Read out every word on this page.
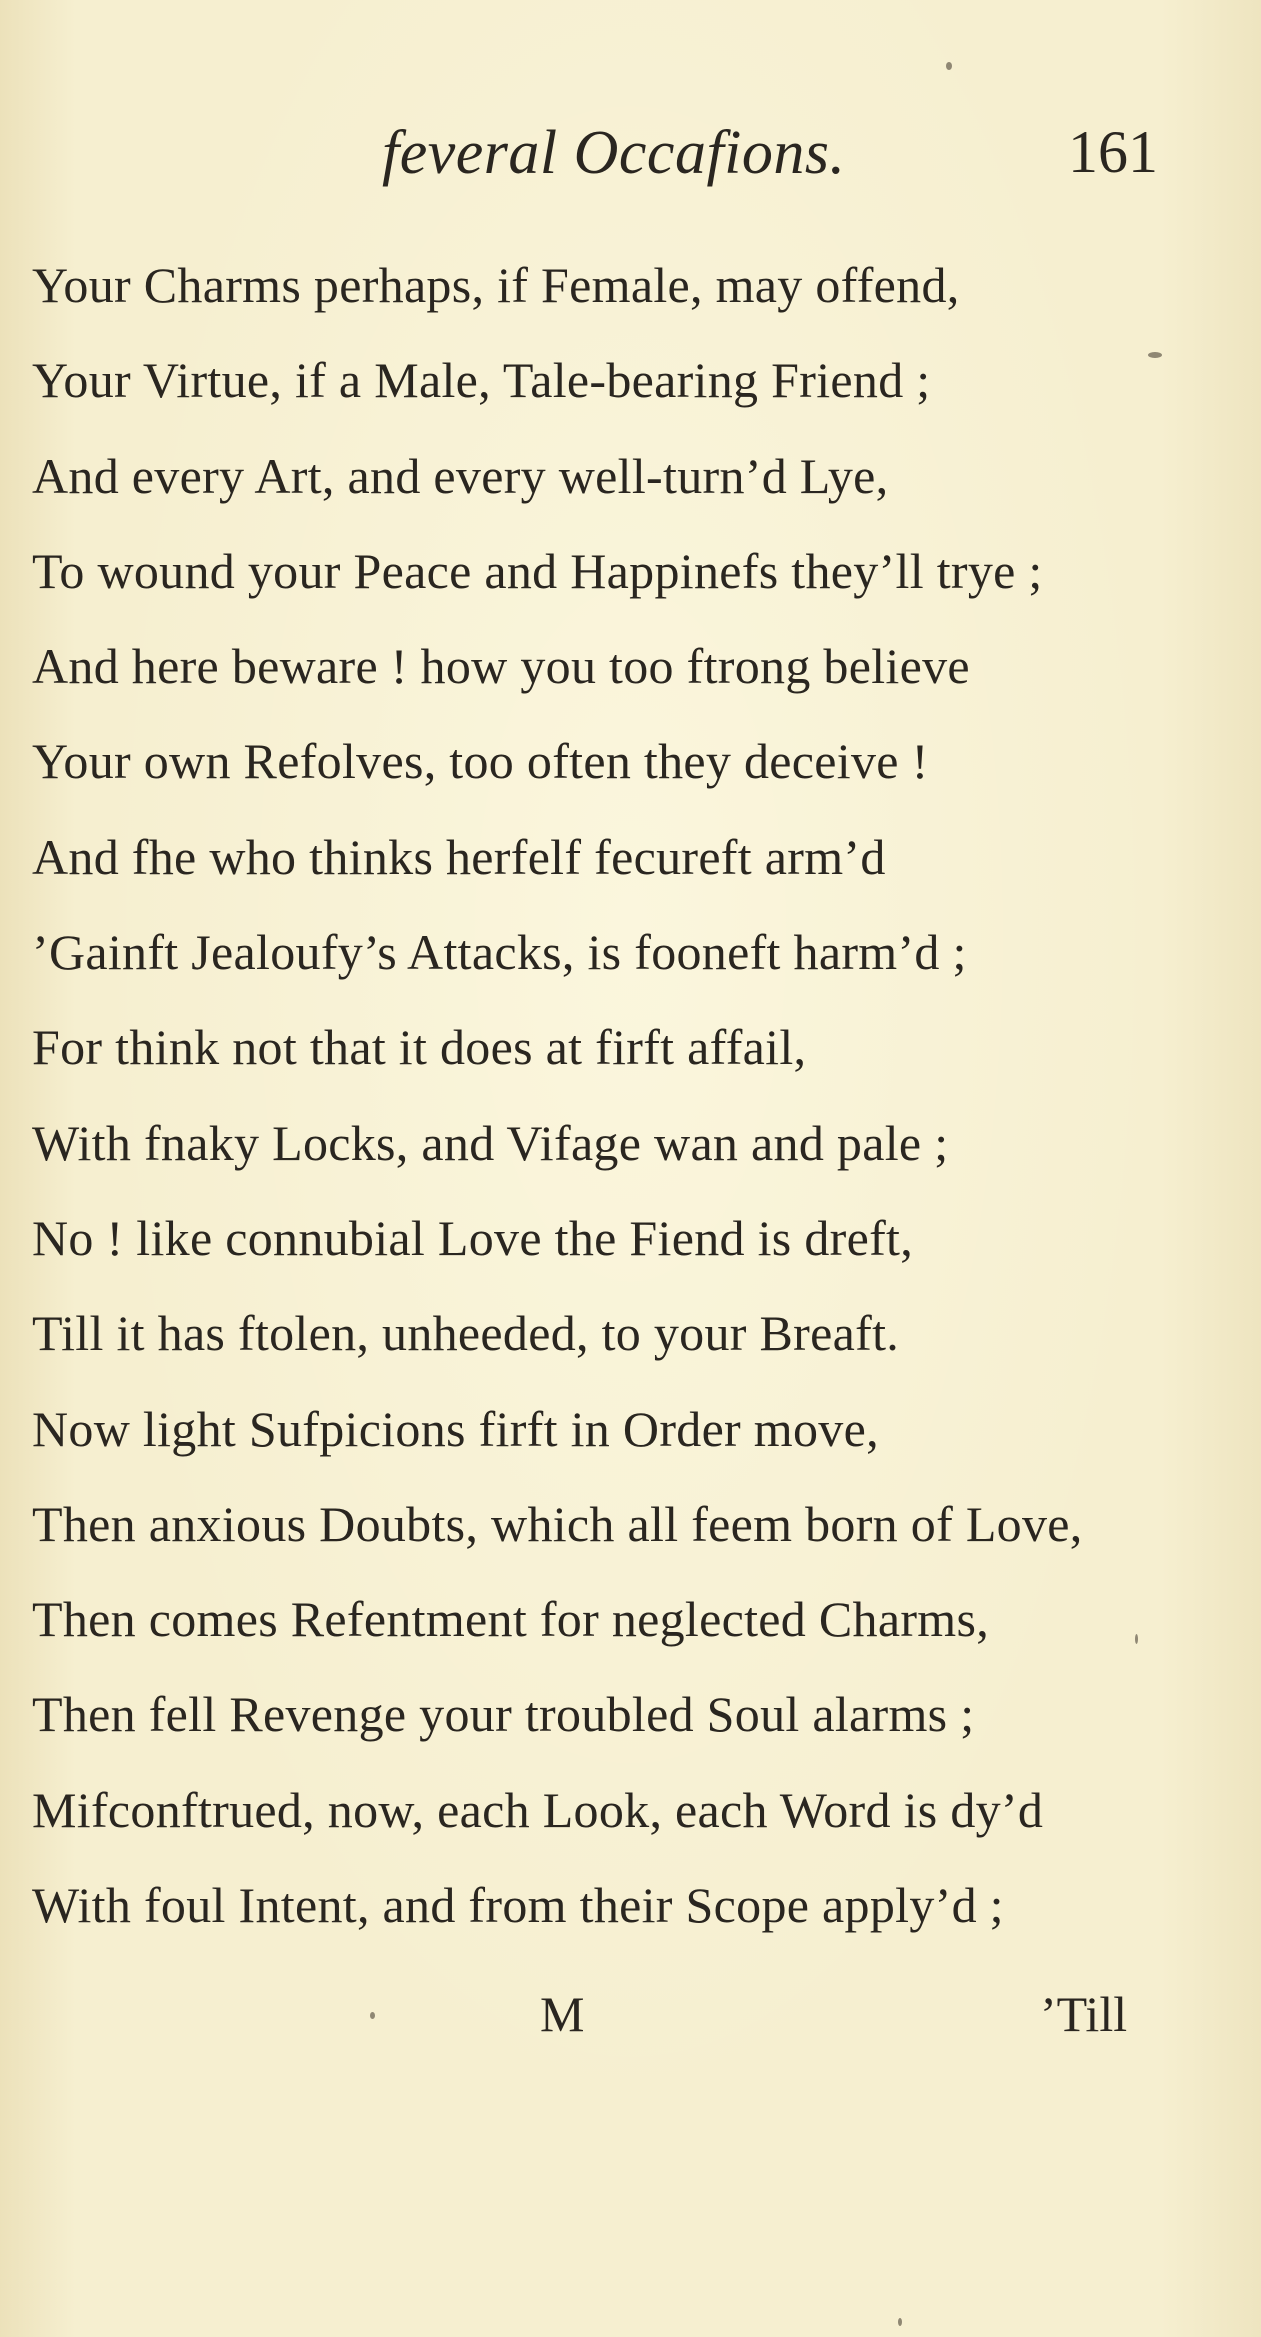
feveral Occafions.	161
Your Charms perhaps, if Female, may offend,
Your Virtue, if a Male, Tale-bearing Friend ;
And every Art, and every well-turn’d Lye,
To wound your Peace and Happinefs they’ll trye ;
And here beware ! how you too ftrong believe
Your own Refolves, too often they deceive !
And fhe who thinks herfelf fecureft arm’d
’Gainft Jealoufy’s Attacks, is fooneft harm’d ;
For think not that it does at firft affail,
With fnaky Locks, and Vifage wan and pale ;
No ! like connubial Love the Fiend is dreft,
Till it has ftolen, unheeded, to your Breaft.
Now light Sufpicions firft in Order move,
Then anxious Doubts, which all feem born of Love,
Then comes Refentment for neglected Charms,
Then fell Revenge your troubled Soul alarms ;
Mifconftrued, now, each Look, each Word is dy’d
With foul Intent, and from their Scope apply’d ;
M	’Till
